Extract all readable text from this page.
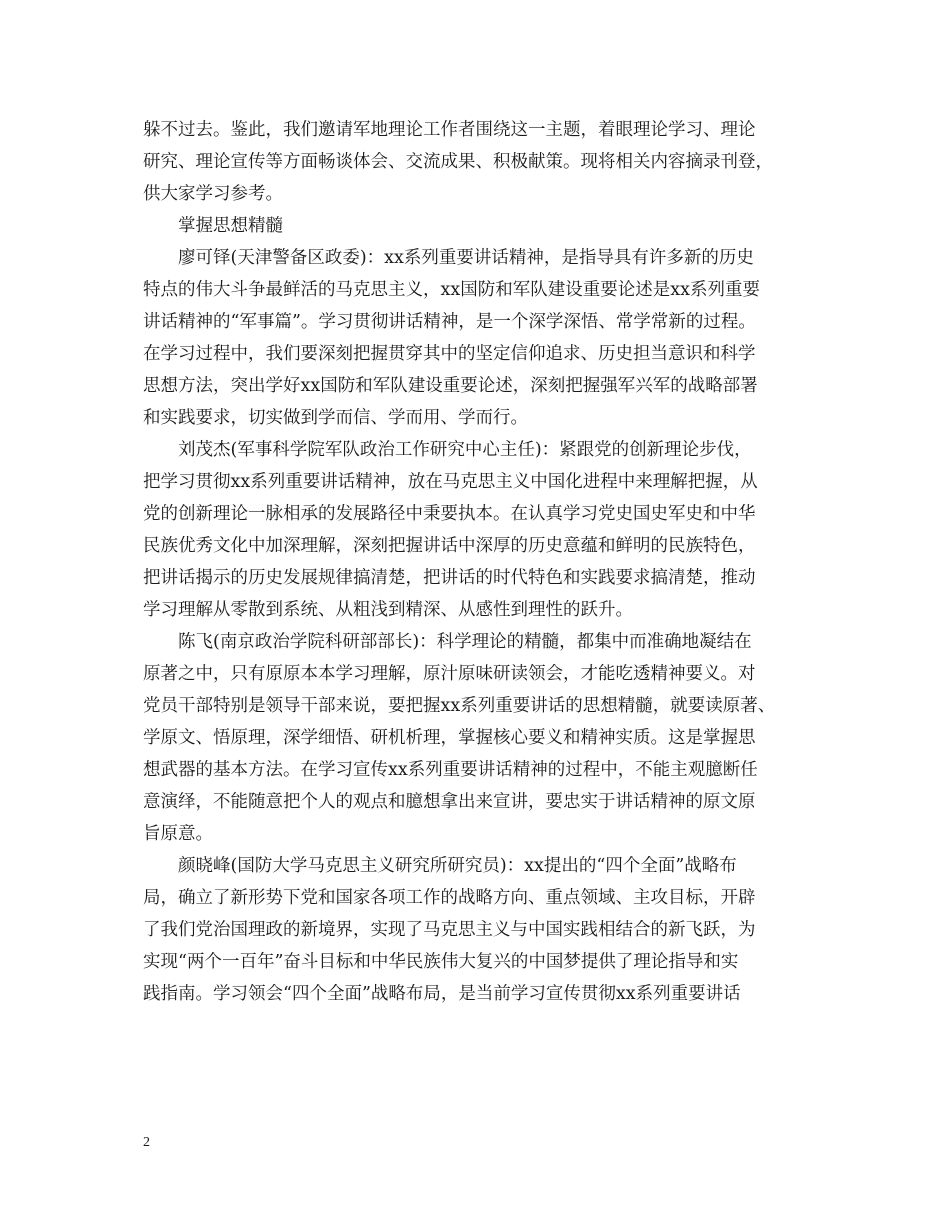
躲不过去。鉴此，我们邀请军地理论工作者围绕这一主题，着眼理论学习、理论
研究、理论宣传等方面畅谈体会、交流成果、积极献策。现将相关内容摘录刊登，
供大家学习参考。
掌握思想精髓
廖可铎(天津警备区政委)：xx系列重要讲话精神，是指导具有许多新的历史
特点的伟大斗争最鲜活的马克思主义，xx国防和军队建设重要论述是xx系列重要
讲话精神的“军事篇”。学习贯彻讲话精神，是一个深学深悟、常学常新的过程。
在学习过程中，我们要深刻把握贯穿其中的坚定信仰追求、历史担当意识和科学
思想方法，突出学好xx国防和军队建设重要论述，深刻把握强军兴军的战略部署
和实践要求，切实做到学而信、学而用、学而行。
刘茂杰(军事科学院军队政治工作研究中心主任)：紧跟党的创新理论步伐，
把学习贯彻xx系列重要讲话精神，放在马克思主义中国化进程中来理解把握，从
党的创新理论一脉相承的发展路径中秉要执本。在认真学习党史国史军史和中华
民族优秀文化中加深理解，深刻把握讲话中深厚的历史意蕴和鲜明的民族特色，
把讲话揭示的历史发展规律搞清楚，把讲话的时代特色和实践要求搞清楚，推动
学习理解从零散到系统、从粗浅到精深、从感性到理性的跃升。
陈飞(南京政治学院科研部部长)：科学理论的精髓，都集中而准确地凝结在
原著之中，只有原原本本学习理解，原汁原味研读领会，才能吃透精神要义。对
党员干部特别是领导干部来说，要把握xx系列重要讲话的思想精髓，就要读原著、
学原文、悟原理，深学细悟、研机析理，掌握核心要义和精神实质。这是掌握思
想武器的基本方法。在学习宣传xx系列重要讲话精神的过程中，不能主观臆断任
意演绎，不能随意把个人的观点和臆想拿出来宣讲，要忠实于讲话精神的原文原
旨原意。
颜晓峰(国防大学马克思主义研究所研究员)：xx提出的“四个全面”战略布
局，确立了新形势下党和国家各项工作的战略方向、重点领域、主攻目标，开辟
了我们党治国理政的新境界，实现了马克思主义与中国实践相结合的新飞跃，为
实现“两个一百年”奋斗目标和中华民族伟大复兴的中国梦提供了理论指导和实
践指南。学习领会“四个全面”战略布局，是当前学习宣传贯彻xx系列重要讲话
2
